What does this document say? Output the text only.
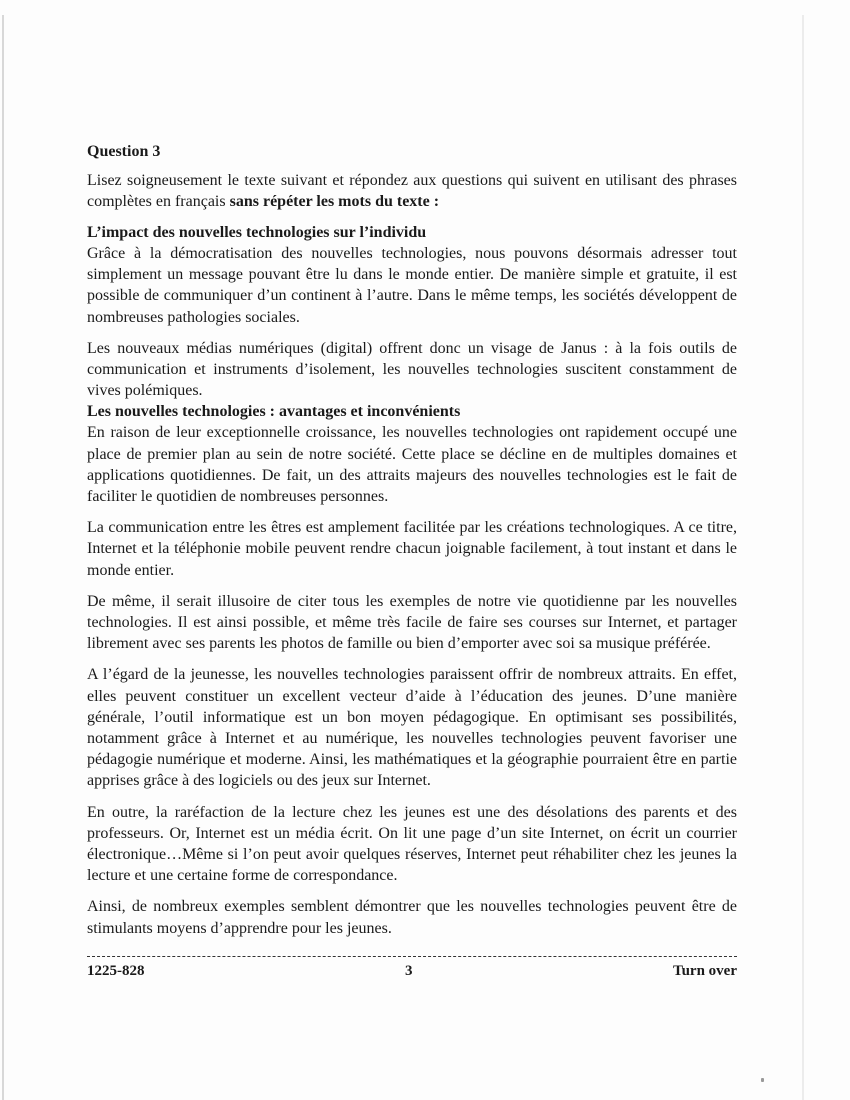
Question 3

Lisez soigneusement le texte suivant et répondez aux questions qui suivent en utilisant des phrases complètes en français sans répéter les mots du texte :

L’impact des nouvelles technologies sur l’individu

Grâce à la démocratisation des nouvelles technologies, nous pouvons désormais adresser tout simplement un message pouvant être lu dans le monde entier. De manière simple et gratuite, il est possible de communiquer d’un continent à l’autre. Dans le même temps, les sociétés développent de nombreuses pathologies sociales.

Les nouveaux médias numériques (digital) offrent donc un visage de Janus : à la fois outils de communication et instruments d’isolement, les nouvelles technologies suscitent constamment de vives polémiques.

Les nouvelles technologies : avantages et inconvénients

En raison de leur exceptionnelle croissance, les nouvelles technologies ont rapidement occupé une place de premier plan au sein de notre société. Cette place se décline en de multiples domaines et applications quotidiennes. De fait, un des attraits majeurs des nouvelles technologies est le fait de faciliter le quotidien de nombreuses personnes.

La communication entre les êtres est amplement facilitée par les créations technologiques. A ce titre, Internet et la téléphonie mobile peuvent rendre chacun joignable facilement, à tout instant et dans le monde entier.

De même, il serait illusoire de citer tous les exemples de notre vie quotidienne par les nouvelles technologies. Il est ainsi possible, et même très facile de faire ses courses sur Internet, et partager librement avec ses parents les photos de famille ou bien d’emporter avec soi sa musique préférée.

A l’égard de la jeunesse, les nouvelles technologies paraissent offrir de nombreux attraits. En effet, elles peuvent constituer un excellent vecteur d’aide à l’éducation des jeunes. D’une manière générale, l’outil informatique est un bon moyen pédagogique. En optimisant ses possibilités, notamment grâce à Internet et au numérique, les nouvelles technologies peuvent favoriser une pédagogie numérique et moderne. Ainsi, les mathématiques et la géographie pourraient être en partie apprises grâce à des logiciels ou des jeux sur Internet.

En outre, la raréfaction de la lecture chez les jeunes est une des désolations des parents et des professeurs. Or, Internet est un média écrit. On lit une page d’un site Internet, on écrit un courrier électronique…Même si l’on peut avoir quelques réserves, Internet peut réhabiliter chez les jeunes la lecture et une certaine forme de correspondance.

Ainsi, de nombreux exemples semblent démontrer que les nouvelles technologies peuvent être de stimulants moyens d’apprendre pour les jeunes.

1225-828	3	Turn over
